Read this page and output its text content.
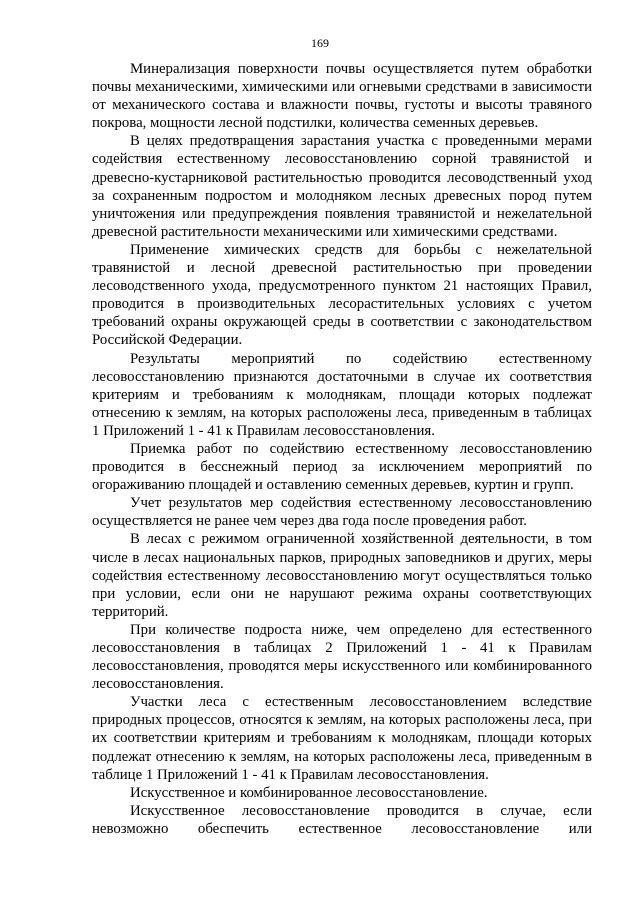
169

Минерализация поверхности почвы осуществляется путем обработки почвы механическими, химическими или огневыми средствами в зависимости от механического состава и влажности почвы, густоты и высоты травяного покрова, мощности лесной подстилки, количества семенных деревьев.

В целях предотвращения зарастания участка с проведенными мерами содействия естественному лесовосстановлению сорной травянистой и древесно-кустарниковой растительностью проводится лесоводственный уход за сохраненным подростом и молодняком лесных древесных пород путем уничтожения или предупреждения появления травянистой и нежелательной древесной растительности механическими или химическими средствами.

Применение химических средств для борьбы с нежелательной травянистой и лесной древесной растительностью при проведении лесоводственного ухода, предусмотренного пунктом 21 настоящих Правил, проводится в производительных лесорастительных условиях с учетом требований охраны окружающей среды в соответствии с законодательством Российской Федерации.

Результаты мероприятий по содействию естественному лесовосстановлению признаются достаточными в случае их соответствия критериям и требованиям к молоднякам, площади которых подлежат отнесению к землям, на которых расположены леса, приведенным в таблицах 1 Приложений 1 - 41 к Правилам лесовосстановления.

Приемка работ по содействию естественному лесовосстановлению проводится в бесснежный период за исключением мероприятий по огораживанию площадей и оставлению семенных деревьев, куртин и групп.

Учет результатов мер содействия естественному лесовосстановлению осуществляется не ранее чем через два года после проведения работ.

В лесах с режимом ограниченной хозяйственной деятельности, в том числе в лесах национальных парков, природных заповедников и других, меры содействия естественному лесовосстановлению могут осуществляться только при условии, если они не нарушают режима охраны соответствующих территорий.

При количестве подроста ниже, чем определено для естественного лесовосстановления в таблицах 2 Приложений 1 - 41 к Правилам лесовосстановления, проводятся меры искусственного или комбинированного лесовосстановления.

Участки леса с естественным лесовосстановлением вследствие природных процессов, относятся к землям, на которых расположены леса, при их соответствии критериям и требованиям к молоднякам, площади которых подлежат отнесению к землям, на которых расположены леса, приведенным в таблице 1 Приложений 1 - 41 к Правилам лесовосстановления.

Искусственное и комбинированное лесовосстановление.

Искусственное лесовосстановление проводится в случае, если невозможно обеспечить естественное лесовосстановление или
